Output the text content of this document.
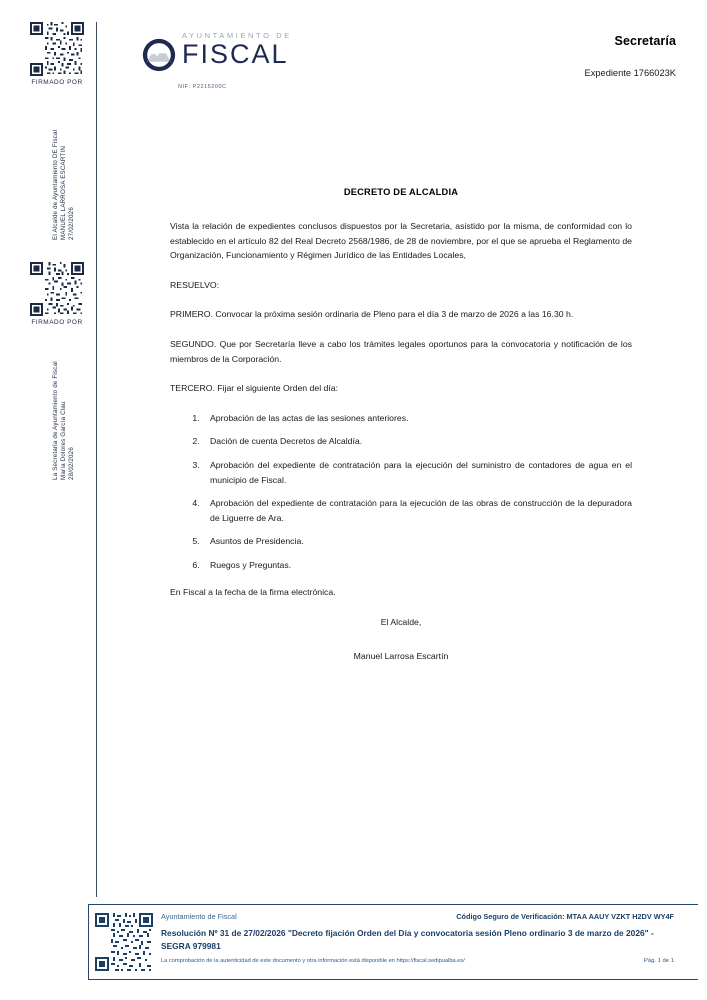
FIRMADO POR
El Alcalde de Ayuntamiento DE Fiscal MANUEL LARROSA ESCARTIN 27/02/2026
FIRMADO POR
La Secretaria de Ayuntamiento de Fiscal María Dolores García Clau 28/02/2026
AYUNTAMIENTO DE
FISCAL
NIF: P2215200C
Secretaría
Expediente 1766023K
DECRETO DE ALCALDIA

Vista la relación de expedientes conclusos dispuestos por la Secretaria, asistido por la misma, de conformidad con lo establecido en el artículo 82 del Real Decreto 2568/1986, de 28 de noviembre, por el que se aprueba el Reglamento de Organización, Funcionamiento y Régimen Jurídico de las Entidades Locales,

RESUELVO:

PRIMERO. Convocar la próxima sesión ordinaria de Pleno para el día 3 de marzo de 2026 a las 16.30 h.

SEGUNDO. Que por Secretaría lleve a cabo los trámites legales oportunos para la convocatoria y notificación de los miembros de la Corporación.

TERCERO. Fijar el siguiente Orden del día:

1. Aprobación de las actas de las sesiones anteriores.
2. Dación de cuenta Decretos de Alcaldía.
3. Aprobación del expediente de contratación para la ejecución del suministro de contadores de agua en el municipio de Fiscal.
4. Aprobación del expediente de contratación para la ejecución de las obras de construcción de la depuradora de Liguerre de Ara.
5. Asuntos de Presidencia.
6. Ruegos y Preguntas.

En Fiscal a la fecha de la firma electrónica.

El Alcalde,
Manuel Larrosa Escartín
Ayuntamiento de Fiscal	Código Seguro de Verificación: MTAA AAUY VZKT H2DV WY4F
Resolución Nº 31 de 27/02/2026 "Decreto fijación Orden del Día y convocatoria sesión Pleno ordinario 3 de marzo de 2026" - SEGRA 979981
La comprobación de la autenticidad de este documento y otra información está disponible en https://fiscal.sedipualba.es/	Pág. 1 de 1
